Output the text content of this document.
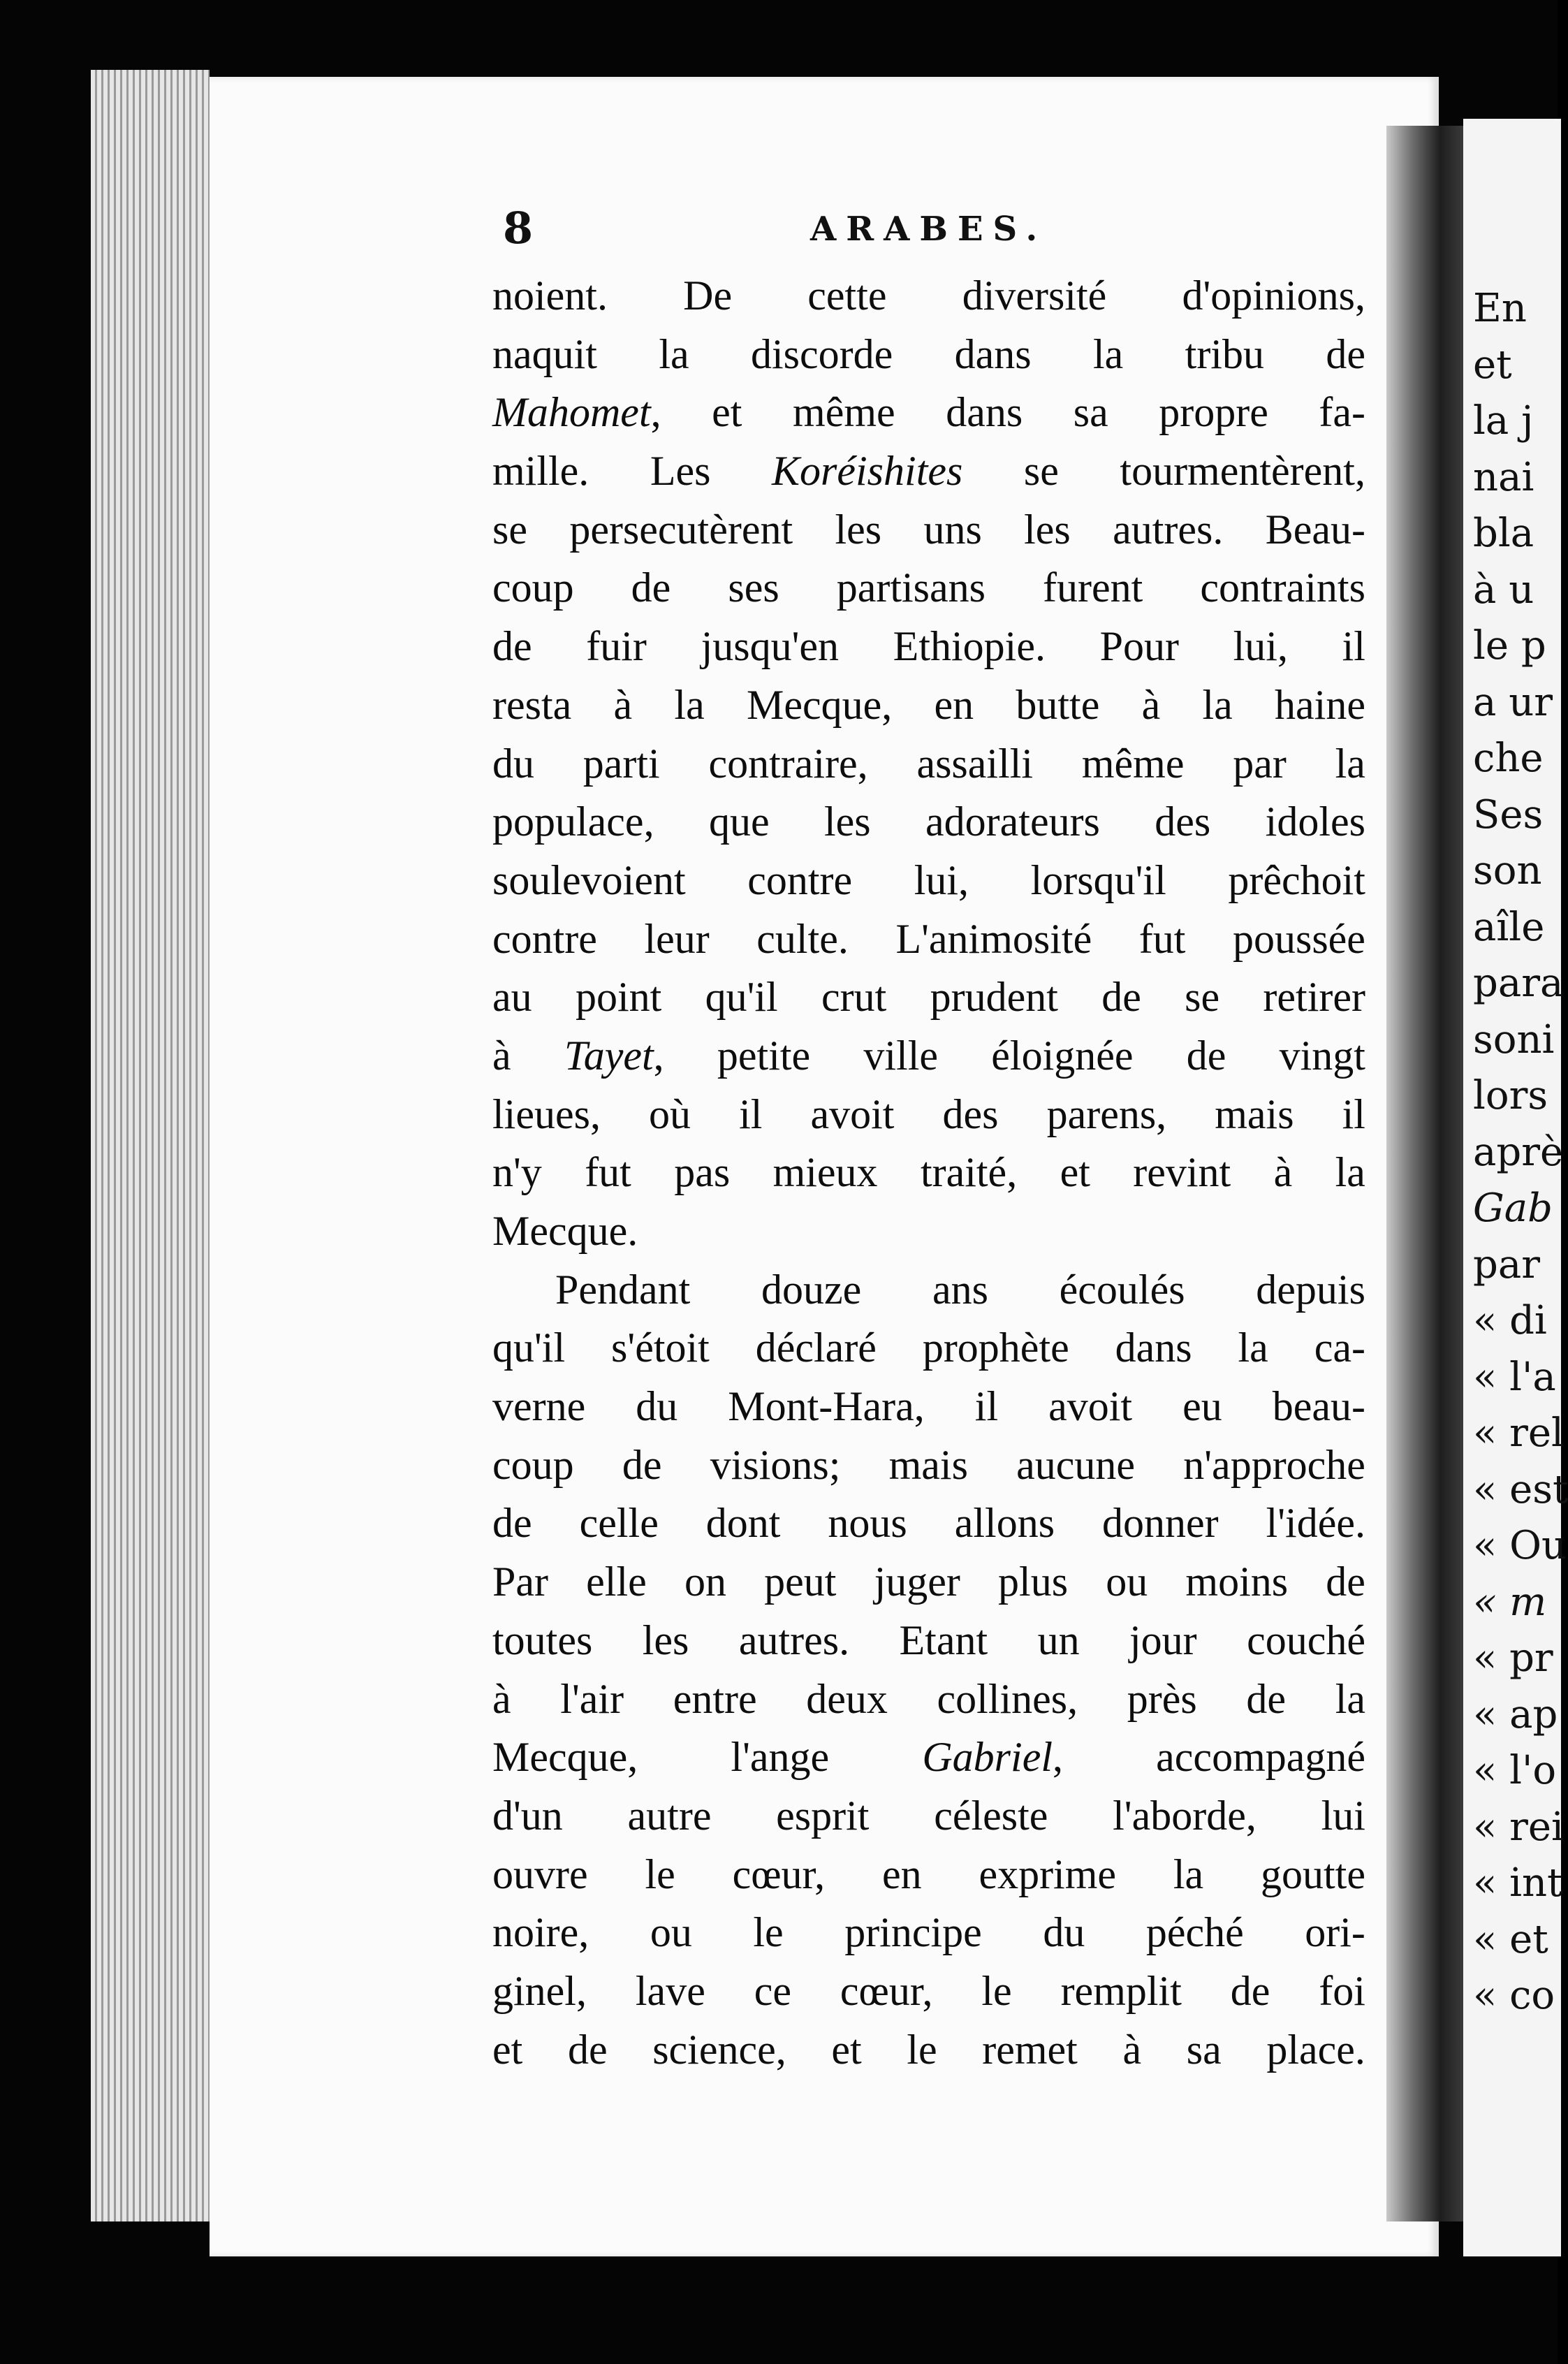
En
et
la j
nai
bla
à u
le p
a ur
che
Ses
son
aîle
para
soni
lors
aprè
Gab
par
« di
« l'a
« rel
« est
« Ou
« m
« pr
« ap
« l'o
« rei
« int
« et
« co
8	ARABES.
noient. De cette diversité d'opinions,
naquit la discorde dans la tribu de
Mahomet, et même dans sa propre fa-
mille. Les Koréishites se tourmentèrent,
se persecutèrent les uns les autres. Beau-
coup de ses partisans furent contraints
de fuir jusqu'en Ethiopie. Pour lui, il
resta à la Mecque, en butte à la haine
du parti contraire, assailli même par la
populace, que les adorateurs des idoles
soulevoient contre lui, lorsqu'il prêchoit
contre leur culte. L'animosité fut poussée
au point qu'il crut prudent de se retirer
à Tayet, petite ville éloignée de vingt
lieues, où il avoit des parens, mais il
n'y fut pas mieux traité, et revint à la
Mecque.
Pendant douze ans écoulés depuis
qu'il s'étoit déclaré prophète dans la ca-
verne du Mont-Hara, il avoit eu beau-
coup de visions; mais aucune n'approche
de celle dont nous allons donner l'idée.
Par elle on peut juger plus ou moins de
toutes les autres. Etant un jour couché
à l'air entre deux collines, près de la
Mecque, l'ange Gabriel, accompagné
d'un autre esprit céleste l'aborde, lui
ouvre le cœur, en exprime la goutte
noire, ou le principe du péché ori-
ginel, lave ce cœur, le remplit de foi
et de science, et le remet à sa place.
